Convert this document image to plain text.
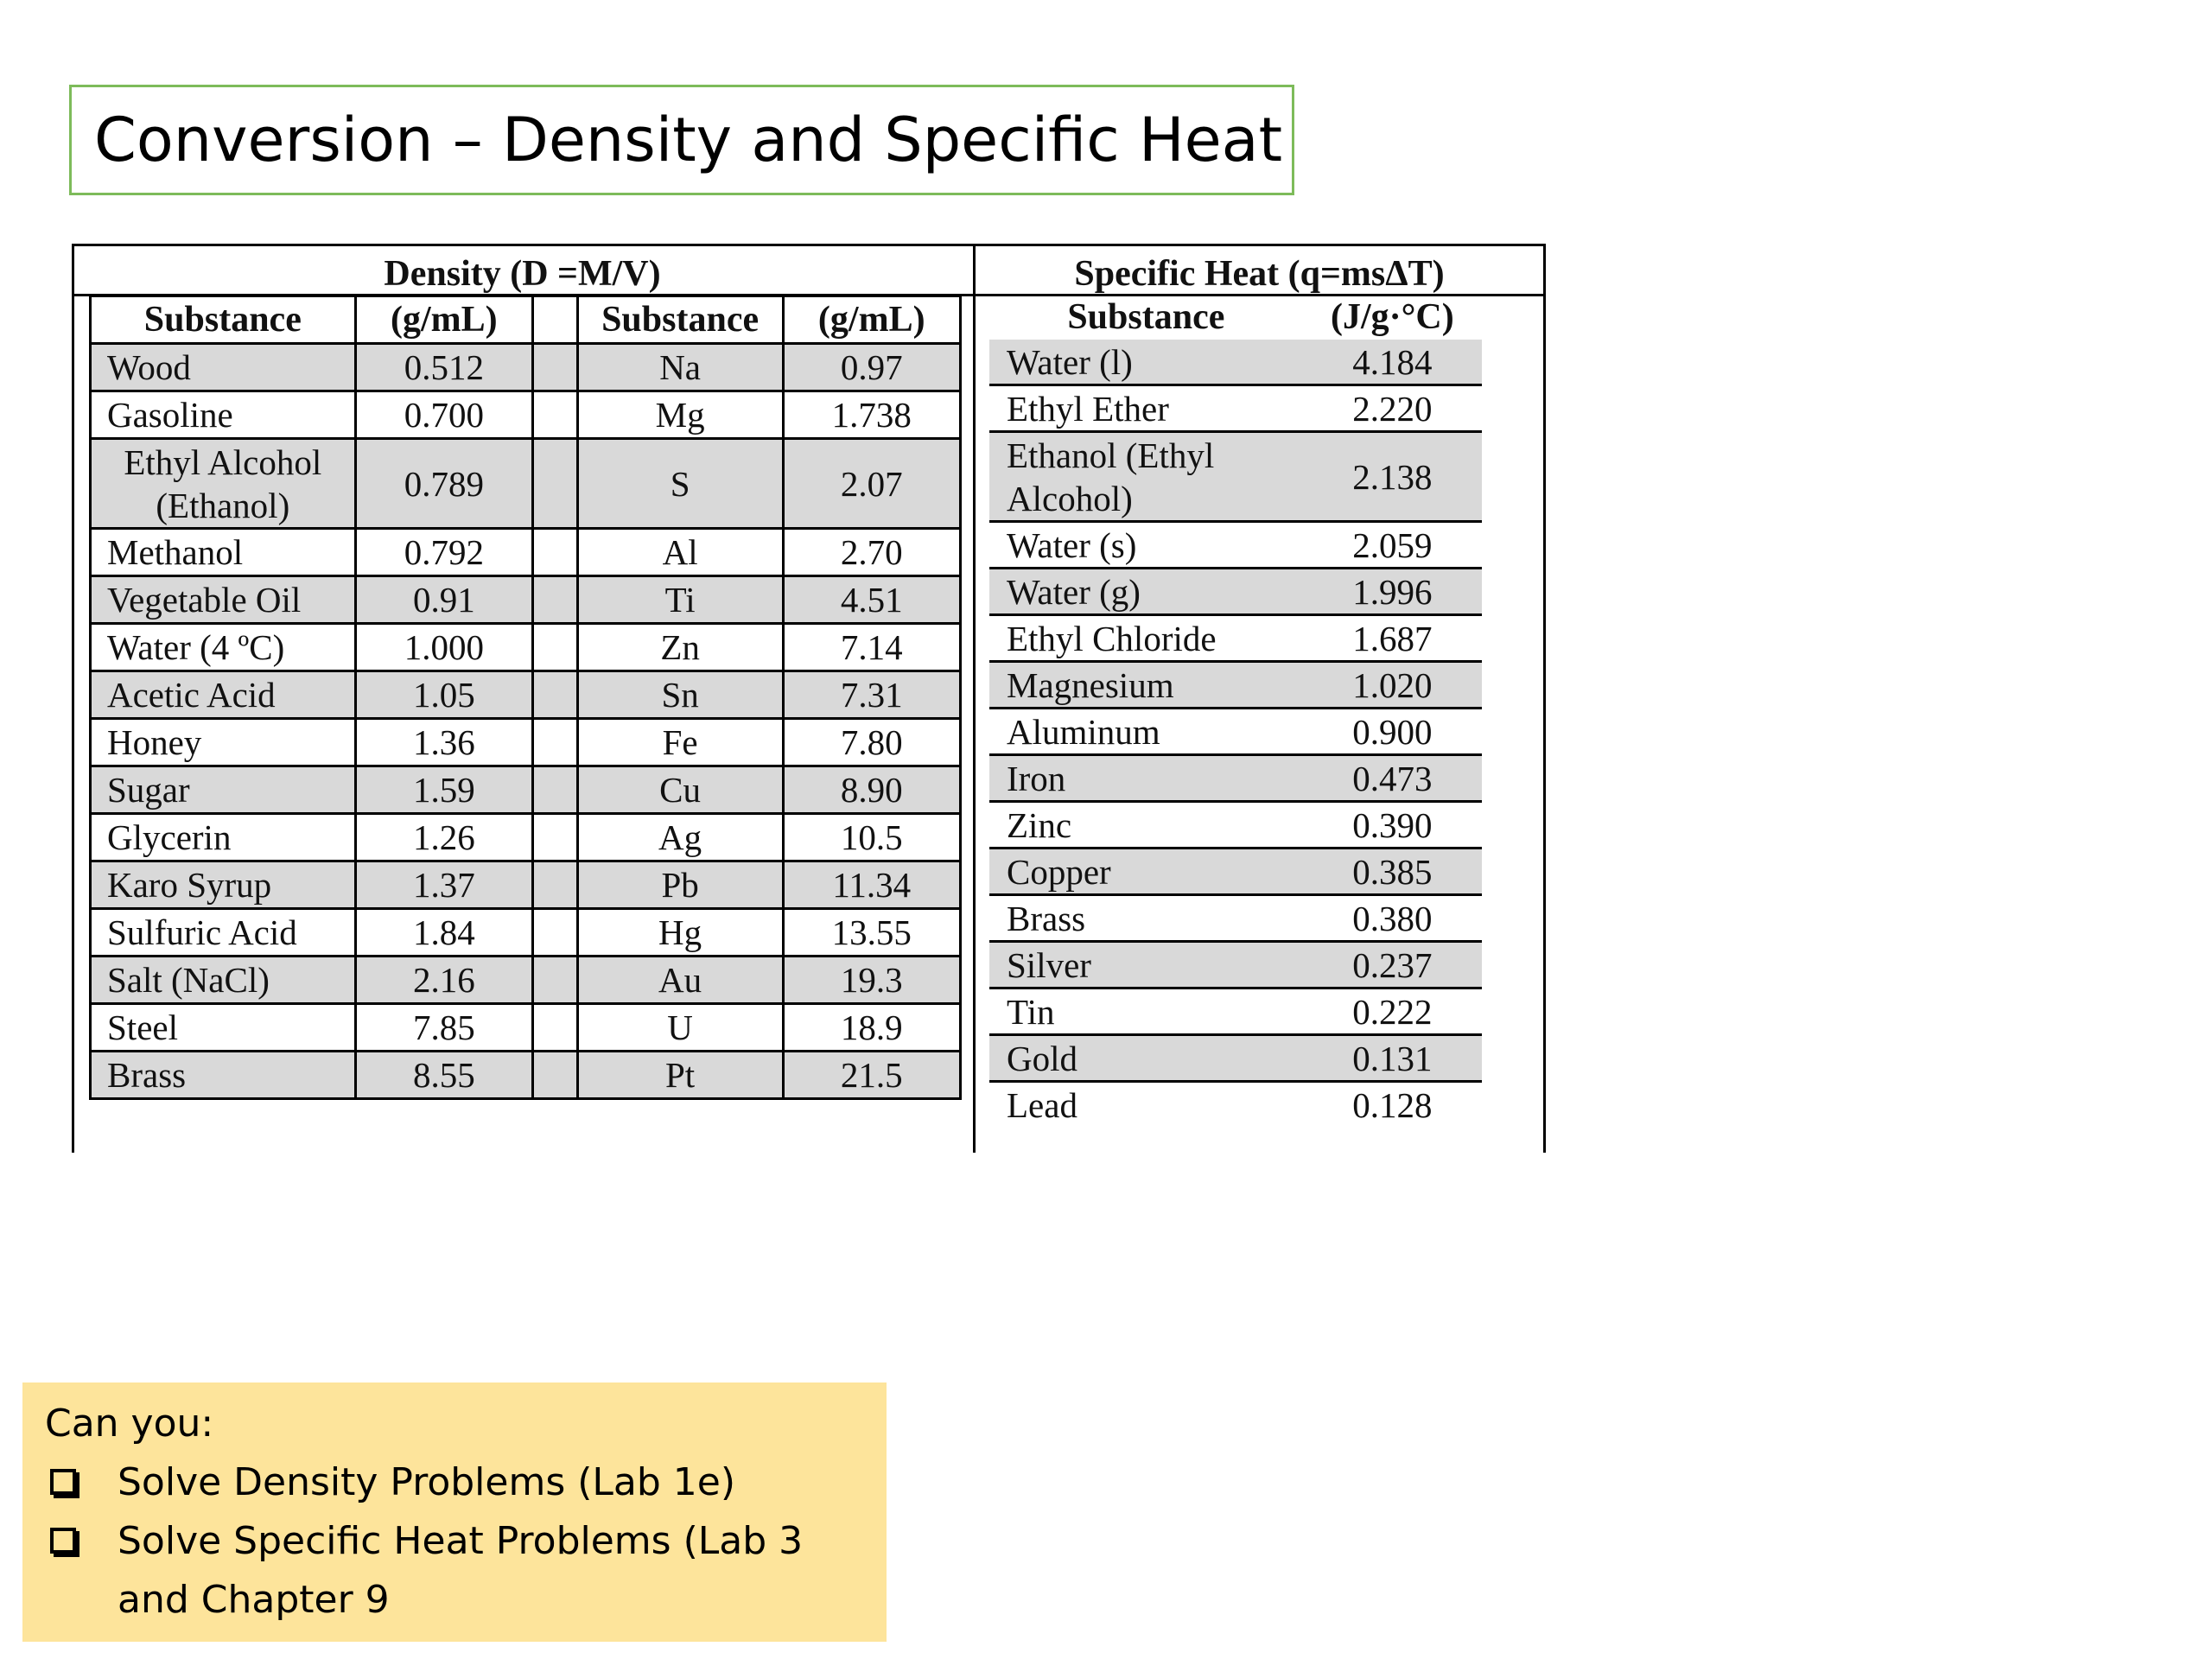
Conversion – Density and Specific Heat
Density (D =M/V)	Specific Heat (q=msΔT)
Substance	(g/mL)		Substance	(g/mL)
Wood	0.512		Na	0.97
Gasoline	0.700		Mg	1.738
Ethyl Alcohol (Ethanol)	0.789		S	2.07
Methanol	0.792		Al	2.70
Vegetable Oil	0.91		Ti	4.51
Water (4 ºC)	1.000		Zn	7.14
Acetic Acid	1.05		Sn	7.31
Honey	1.36		Fe	7.80
Sugar	1.59		Cu	8.90
Glycerin	1.26		Ag	10.5
Karo Syrup	1.37		Pb	11.34
Sulfuric Acid	1.84		Hg	13.55
Salt (NaCl)	2.16		Au	19.3
Steel	7.85		U	18.9
Brass	8.55		Pt	21.5
Substance	(J/g·°C)
Water (l)	4.184
Ethyl Ether	2.220
Ethanol (Ethyl Alcohol)	2.138
Water (s)	2.059
Water (g)	1.996
Ethyl Chloride	1.687
Magnesium	1.020
Aluminum	0.900
Iron	0.473
Zinc	0.390
Copper	0.385
Brass	0.380
Silver	0.237
Tin	0.222
Gold	0.131
Lead	0.128
Can you:
Solve Density Problems (Lab 1e)
Solve Specific Heat Problems (Lab 3 and Chapter 9
